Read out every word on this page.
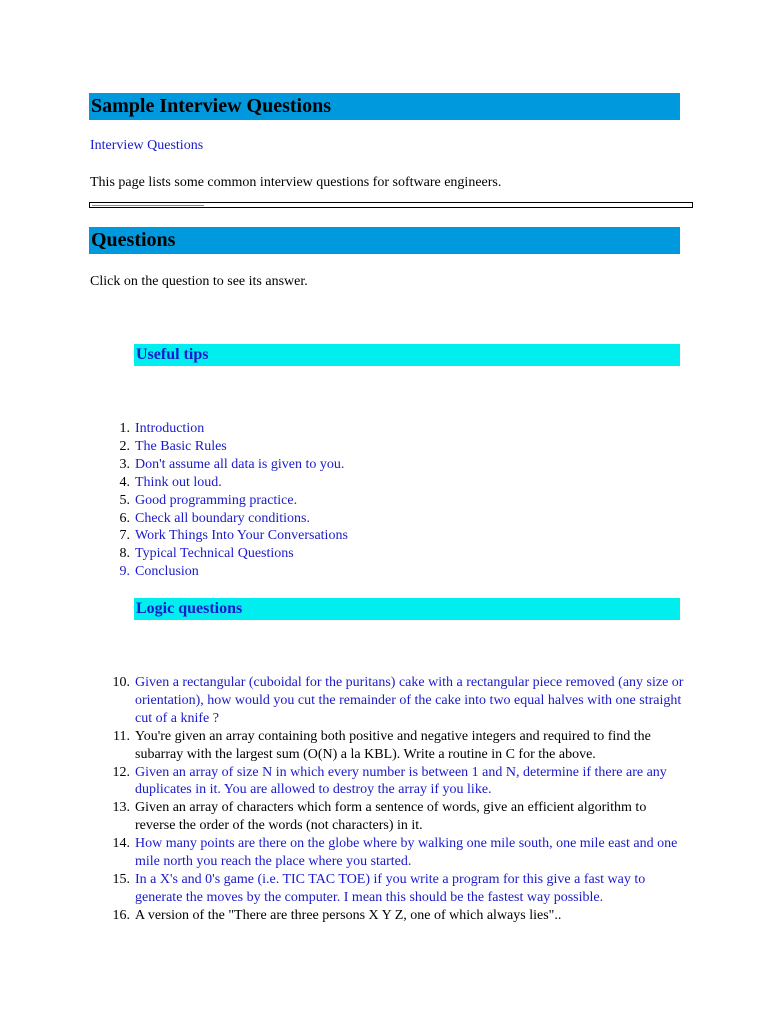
Sample Interview Questions
Interview Questions

This page lists some common interview questions for software engineers.

Questions

Click on the question to see its answer.

Useful tips
1. Introduction
2. The Basic Rules
3. Don't assume all data is given to you.
4. Think out loud.
5. Good programming practice.
6. Check all boundary conditions.
7. Work Things Into Your Conversations
8. Typical Technical Questions
9. Conclusion
Logic questions
10. Given a rectangular (cuboidal for the puritans) cake with a rectangular piece removed (any size or orientation), how would you cut the remainder of the cake into two equal halves with one straight cut of a knife ?
11. You're given an array containing both positive and negative integers and required to find the subarray with the largest sum (O(N) a la KBL). Write a routine in C for the above.
12. Given an array of size N in which every number is between 1 and N, determine if there are any duplicates in it. You are allowed to destroy the array if you like.
13. Given an array of characters which form a sentence of words, give an efficient algorithm to reverse the order of the words (not characters) in it.
14. How many points are there on the globe where by walking one mile south, one mile east and one mile north you reach the place where you started.
15. In a X's and 0's game (i.e. TIC TAC TOE) if you write a program for this give a fast way to generate the moves by the computer. I mean this should be the fastest way possible.
16. A version of the "There are three persons X Y Z, one of which always lies"..
